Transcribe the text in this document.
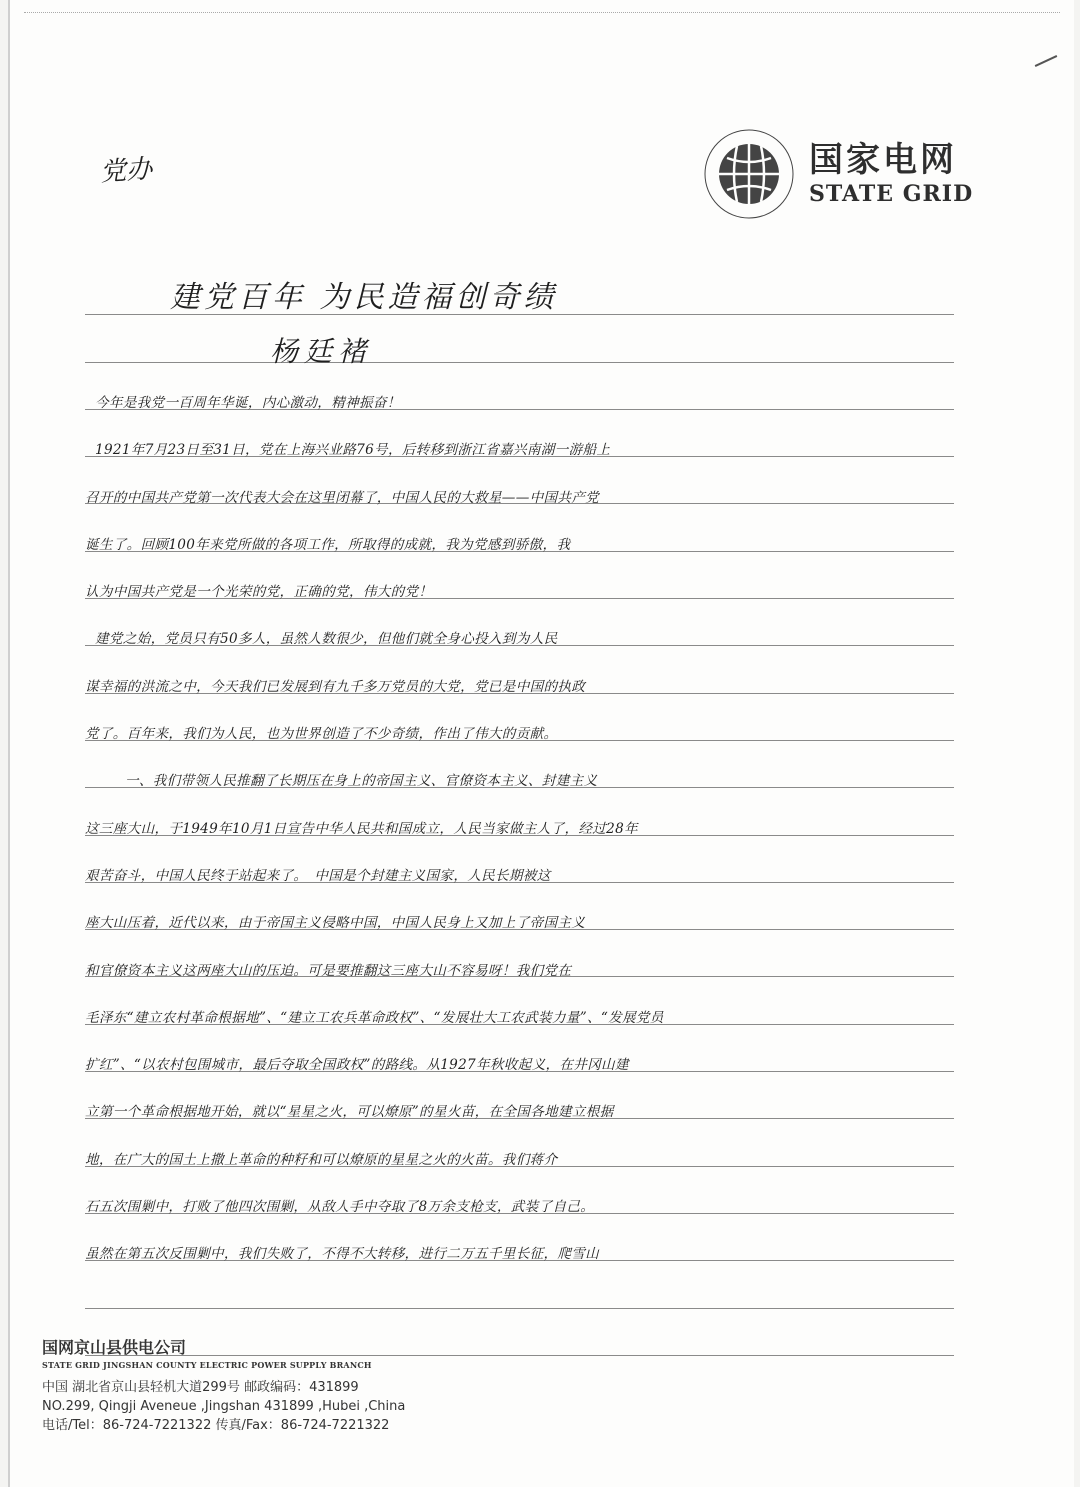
党办	国家电网
STATE GRID
建党百年 为民造福创奇绩
杨廷褚
今年是我党一百周年华诞，内心激动，精神振奋！
1921年7月23日至31日，党在上海兴业路76号，后转移到浙江省嘉兴南湖一游船上
召开的中国共产党第一次代表大会在这里闭幕了，中国人民的大救星——中国共产党
诞生了。回顾100年来党所做的各项工作，所取得的成就，我为党感到骄傲，我
认为中国共产党是一个光荣的党，正确的党，伟大的党！
建党之始，党员只有50多人，虽然人数很少，但他们就全身心投入到为人民
谋幸福的洪流之中，今天我们已发展到有九千多万党员的大党，党已是中国的执政
党了。百年来，我们为人民，也为世界创造了不少奇绩，作出了伟大的贡献。
一、我们带领人民推翻了长期压在身上的帝国主义、官僚资本主义、封建主义
这三座大山，于1949年10月1日宣告中华人民共和国成立，人民当家做主人了，经过28年
艰苦奋斗，中国人民终于站起来了。　中国是个封建主义国家，人民长期被这
座大山压着，近代以来，由于帝国主义侵略中国，中国人民身上又加上了帝国主义
和官僚资本主义这两座大山的压迫。可是要推翻这三座大山不容易呀！我们党在
毛泽东“建立农村革命根据地”、“建立工农兵革命政权”、“发展壮大工农武装力量”、“发展党员
扩红”、“以农村包围城市，最后夺取全国政权”的路线。从1927年秋收起义，在井冈山建
立第一个革命根据地开始，就以“星星之火，可以燎原”的星火苗，在全国各地建立根据
地，在广大的国土上撒上革命的种籽和可以燎原的星星之火的火苗。我们蒋介
石五次围剿中，打败了他四次围剿，从敌人手中夺取了8万余支枪支，武装了自己。
虽然在第五次反围剿中，我们失败了，不得不大转移，进行二万五千里长征，爬雪山
国网京山县供电公司
STATE GRID JINGSHAN COUNTY ELECTRIC POWER SUPPLY BRANCH
中国 湖北省京山县轻机大道299号 邮政编码：431899
NO.299, Qingji Aveneue ,Jingshan 431899 ,Hubei ,China
电话/Tel：86-724-7221322 传真/Fax：86-724-7221322
